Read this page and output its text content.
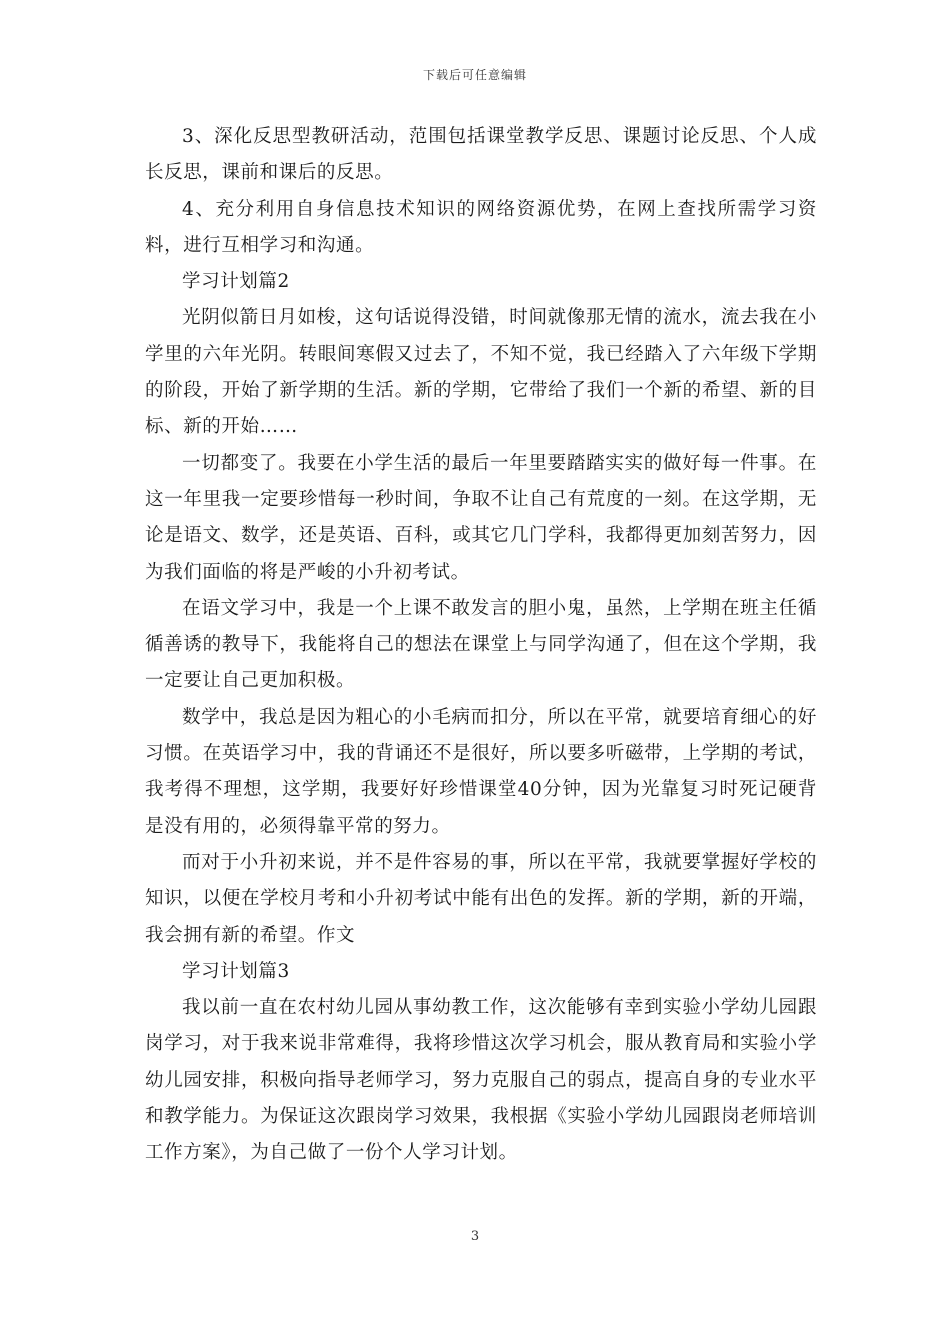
下载后可任意编辑

3、深化反思型教研活动，范围包括课堂教学反思、课题讨论反思、个人成长反思，课前和课后的反思。

4、充分利用自身信息技术知识的网络资源优势，在网上查找所需学习资料，进行互相学习和沟通。

学习计划篇2

光阴似箭日月如梭，这句话说得没错，时间就像那无情的流水，流去我在小学里的六年光阴。转眼间寒假又过去了，不知不觉，我已经踏入了六年级下学期的阶段，开始了新学期的生活。新的学期，它带给了我们一个新的希望、新的目标、新的开始……

一切都变了。我要在小学生活的最后一年里要踏踏实实的做好每一件事。在这一年里我一定要珍惜每一秒时间，争取不让自己有荒度的一刻。在这学期，无论是语文、数学，还是英语、百科，或其它几门学科，我都得更加刻苦努力，因为我们面临的将是严峻的小升初考试。

在语文学习中，我是一个上课不敢发言的胆小鬼，虽然，上学期在班主任循循善诱的教导下，我能将自己的想法在课堂上与同学沟通了，但在这个学期，我一定要让自己更加积极。

数学中，我总是因为粗心的小毛病而扣分，所以在平常，就要培育细心的好习惯。在英语学习中，我的背诵还不是很好，所以要多听磁带，上学期的考试，我考得不理想，这学期，我要好好珍惜课堂40分钟，因为光靠复习时死记硬背是没有用的，必须得靠平常的努力。

而对于小升初来说，并不是件容易的事，所以在平常，我就要掌握好学校的知识，以便在学校月考和小升初考试中能有出色的发挥。新的学期，新的开端，我会拥有新的希望。作文

学习计划篇3

我以前一直在农村幼儿园从事幼教工作，这次能够有幸到实验小学幼儿园跟岗学习，对于我来说非常难得，我将珍惜这次学习机会，服从教育局和实验小学幼儿园安排，积极向指导老师学习，努力克服自己的弱点，提高自身的专业水平和教学能力。为保证这次跟岗学习效果，我根据《实验小学幼儿园跟岗老师培训工作方案》，为自己做了一份个人学习计划。

3
